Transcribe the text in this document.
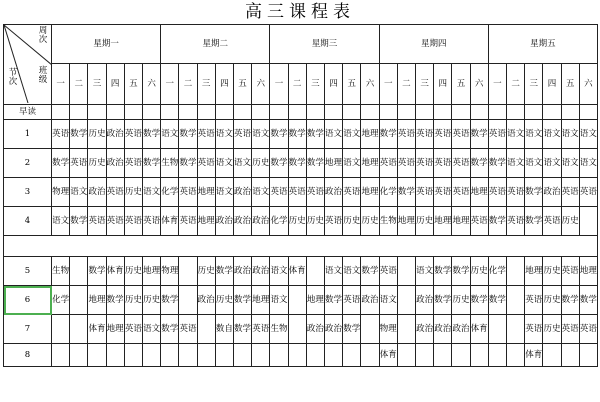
高三课程表
周次
班级
节次	星期一						星期二						星期三						星期四						星期五					
	一	二	三	四	五	六	一	二	三	四	五	六	一	二	三	四	五	六	一	二	三	四	五	六	一	二	三	四	五	六
早读																														
1	英语	数学	历史	政治	英语	数学	语文	数学	英语	语文	英语	语文	数学	数学	数学	语文	语文	地理	数学	英语	英语	英语	英语	数学	英语	语文	语文	语文	语文	语文
2	数学	英语	历史	政治	英语	数学	生物	数学	英语	语文	语文	历史	数学	数学	数学	地理	语文	地理	英语	英语	英语	英语	英语	数学	数学	语文	语文	语文	语文	语文
3	物理	语文	政治	英语	历史	语文	化学	英语	地理	语文	政治	语文	英语	英语	英语	政治	英语	地理	化学	数学	英语	英语	英语	地理	英语	英语	数学	政治	英语	英语
4	语文	数学	英语	英语	英语	英语	体育	英语	地理	政治	政治	政治	化学	历史	历史	英语	历史	历史	生物	地理	历史	地理	地理	英语	数学	英语	数学	英语	历史	

5	生物		数学	体育	历史	地理	物理		历史	数学	政治	政治	语文	体育		语文	语文	数学	英语		语文	数学	数学	历史	化学		地理	历史	英语	地理
6	化学		地理	数学	历史	历史	数学		政治	历史	数学	地理	语文		地理	数学	英语	政治	语文		政治	数学	历史	数学	数学		英语	历史	数学	数学
7			体育	地理	英语	语文	数学	英语		数自	数学	英语	生物		政治	政治	数学		物理		政治	政治	政治	体育			英语	历史	英语	英语
8																			体育								体育			
